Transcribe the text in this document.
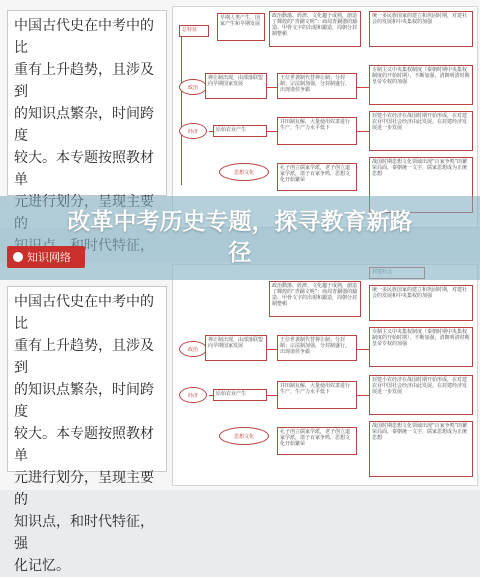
中国古代史在中考中的比

重有上升趋势，且涉及到

的知识点繁杂，时间跨度

较大。本专题按照教材单

总特征
早期人类产生、国家产生和早期发展
政治動蕩、經濟、文化趨于成熟，創造了輝煌的“青銅文明”：商周青銅器的鑄造、甲骨文字的出現和鍛造，周朝分封制整頓
统一多民族国家的建立和巩固时期，对建社会的发展和中央集权的加强
政治
禅让制出现，由部落联盟向早期国家发展
王位世袭制代替禅让制；分封制；宗法制加强，分封制盛行，出现诸侯争霸
专制主义中央集权制度（秦朝时期中央集权制度的开始时期），不断加强，清朝明清时期皇帝专权的加强
经济	原始农业产生
井田制瓦解，大量使用奴隶进行生产，生产力水平低下
封建小农经济在战国时期开始形成，在对建农业中国社会经济由此发展，在封建经济发展进一步发展
思想文化
孔子创立儒家学派，老子创立道家学派，诸子百家争鸣，思想文化开始繁荣
战国时期思想文化领域出现“百家争鸣”的繁荣局面，秦朝统一文字，儒家思想成为正统思想

中国古代史在中考中的比

重有上升趋势，且涉及到

的知识点繁杂，时间跨度

较大。本专题按照教材单

元进行划分，呈现主要的

知识点，和时代特征，强

化记忆。

政治動蕩、經濟、文化趨于成熟，創造了輝煌的“青銅文明”：商周青銅器的鑄造、甲骨文字的出現和鍛造，周朝分封制整頓
统一多民族国家的建立和巩固时期，对建社会的发展和中央集权的加强
政治
禅让制出现，由部落联盟向早期国家发展
王位世袭制代替禅让制；分封制；宗法制加强，分封制盛行，出现诸侯争霸
专制主义中央集权制度（秦朝时期中央集权制度的开始时期），不断加强，清朝明清时期皇帝专权的加强
经济	原始农业产生
井田制瓦解，大量使用奴隶进行生产，生产力水平低下
封建小农经济在战国时期开始形成，在对建农业中国社会经济由此发展，在封建经济发展进一步发展
思想文化
孔子创立儒家学派，老子创立道家学派，诸子百家争鸣，思想文化开始繁荣
战国时期思想文化领域出现“百家争鸣”的繁荣局面，秦朝统一文字，儒家思想成为正统思想
改革中考历史专题，探寻教育新路径
知识网络
